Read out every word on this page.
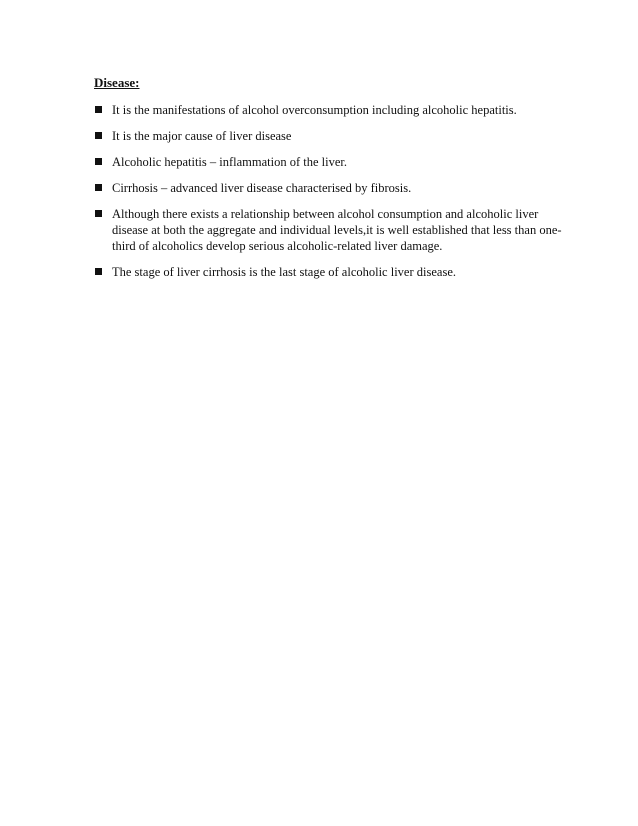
Disease:
It is the manifestations of alcohol overconsumption including alcoholic hepatitis.
It is the major cause of liver disease
Alcoholic hepatitis – inflammation of the liver.
Cirrhosis – advanced liver disease characterised by fibrosis.
Although there exists a relationship between alcohol consumption and alcoholic liver disease at both the aggregate and individual levels,it is well established that less than one-third of alcoholics develop serious alcoholic-related liver damage.
The stage of liver cirrhosis is the last stage of alcoholic liver disease.
